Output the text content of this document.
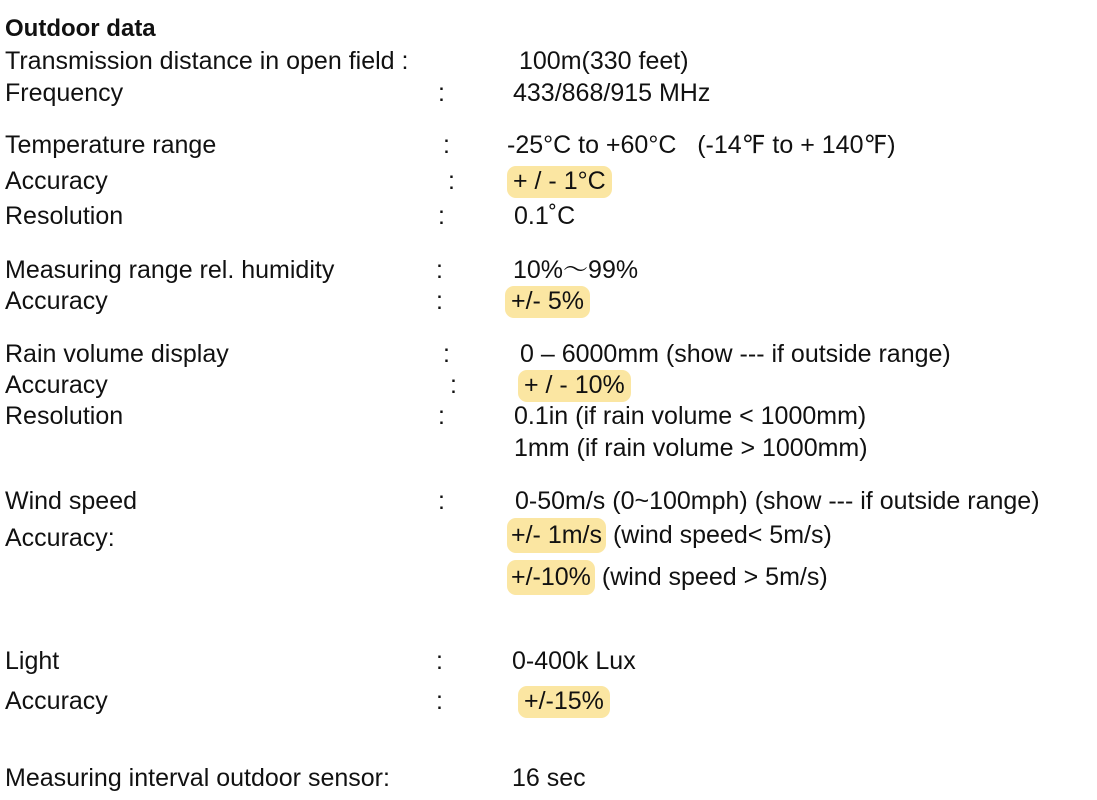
Outdoor data
Transmission distance in open field :	100m(330 feet)
Frequency	:	433/868/915 MHz
Temperature range	: -25°C to +60°C   (-14℉ to + 140℉)
Accuracy	: + / - 1°C
Resolution	:	0.1˚C
Measuring range rel. humidity	:	10%～99%
Accuracy	:	+/- 5%
Rain volume display	:	0 – 6000mm (show --- if outside range)
Accuracy	:	+ / - 10%
Resolution	:	0.1in (if rain volume < 1000mm)
1mm (if rain volume > 1000mm)
Wind speed	:	0-50m/s (0~100mph) (show --- if outside range)
Accuracy:	+/- 1m/s (wind speed< 5m/s)
+/-10% (wind speed > 5m/s)
Light	:	0-400k Lux
Accuracy	:	+/-15%
Measuring interval outdoor sensor:	16 sec
